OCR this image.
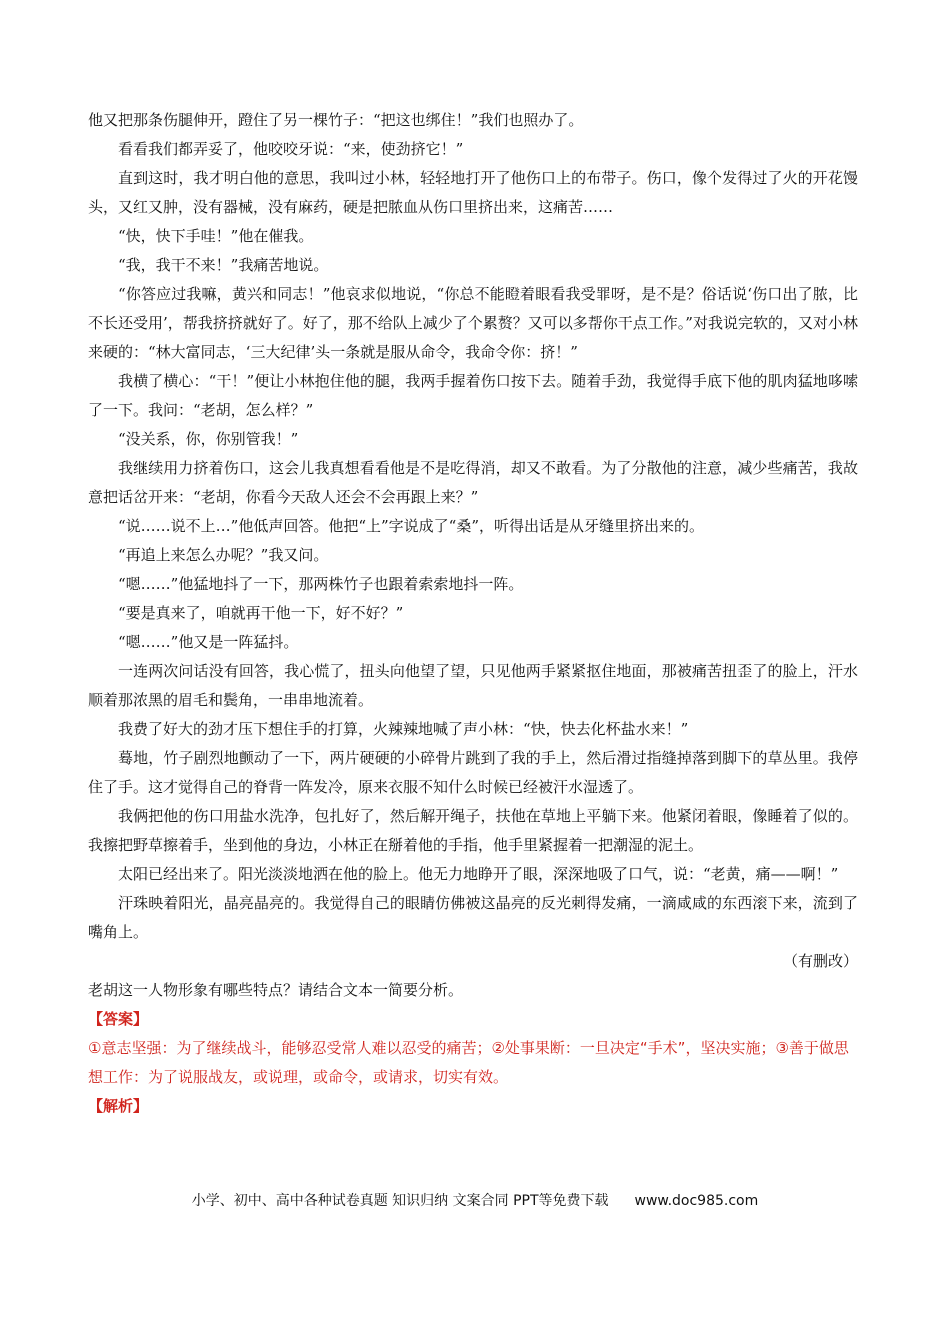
他又把那条伤腿伸开，蹬住了另一棵竹子：“把这也绑住！”我们也照办了。

看看我们都弄妥了，他咬咬牙说：“来，使劲挤它！”

直到这时，我才明白他的意思，我叫过小林，轻轻地打开了他伤口上的布带子。伤口，像个发得过了火的开花馒头，又红又肿，没有器械，没有麻药，硬是把脓血从伤口里挤出来，这痛苦……

“快，快下手哇！”他在催我。

“我，我干不来！”我痛苦地说。

“你答应过我嘛，黄兴和同志！”他哀求似地说，“你总不能瞪着眼看我受罪呀，是不是？俗话说‘伤口出了脓，比不长还受用’，帮我挤挤就好了。好了，那不给队上减少了个累赘？又可以多帮你干点工作。”对我说完软的，又对小林来硬的：“林大富同志，‘三大纪律’头一条就是服从命令，我命令你：挤！”

我横了横心：“干！”便让小林抱住他的腿，我两手握着伤口按下去。随着手劲，我觉得手底下他的肌肉猛地哆嗦了一下。我问：“老胡，怎么样？”

“没关系，你，你别管我！”

我继续用力挤着伤口，这会儿我真想看看他是不是吃得消，却又不敢看。为了分散他的注意，减少些痛苦，我故意把话岔开来：“老胡，你看今天敌人还会不会再跟上来？”

“说……说不上…”他低声回答。他把“上”字说成了“桑”，听得出话是从牙缝里挤出来的。

“再追上来怎么办呢？”我又问。

“嗯……”他猛地抖了一下，那两株竹子也跟着索索地抖一阵。

“要是真来了，咱就再干他一下，好不好？”

“嗯……”他又是一阵猛抖。

一连两次问话没有回答，我心慌了，扭头向他望了望，只见他两手紧紧抠住地面，那被痛苦扭歪了的脸上，汗水顺着那浓黑的眉毛和鬓角，一串串地流着。

我费了好大的劲才压下想住手的打算，火辣辣地喊了声小林：“快，快去化杯盐水来！”

蓦地，竹子剧烈地颤动了一下，两片硬硬的小碎骨片跳到了我的手上，然后滑过指缝掉落到脚下的草丛里。我停住了手。这才觉得自己的脊背一阵发冷，原来衣服不知什么时候已经被汗水湿透了。

我俩把他的伤口用盐水洗净，包扎好了，然后解开绳子，扶他在草地上平躺下来。他紧闭着眼，像睡着了似的。我擦把野草擦着手，坐到他的身边，小林正在掰着他的手指，他手里紧握着一把潮湿的泥土。

太阳已经出来了。阳光淡淡地洒在他的脸上。他无力地睁开了眼，深深地吸了口气，说：“老黄，痛——啊！”

汗珠映着阳光，晶亮晶亮的。我觉得自己的眼睛仿佛被这晶亮的反光刺得发痛，一滴咸咸的东西滚下来，流到了嘴角上。

（有删改）

老胡这一人物形象有哪些特点？请结合文本一简要分析。

【答案】

①意志坚强：为了继续战斗，能够忍受常人难以忍受的痛苦；②处事果断：一旦决定“手术”，坚决实施；③善于做思想工作：为了说服战友，或说理，或命令，或请求，切实有效。

【解析】

小学、初中、高中各种试卷真题 知识归纳 文案合同 PPT等免费下载 www.doc985.com
